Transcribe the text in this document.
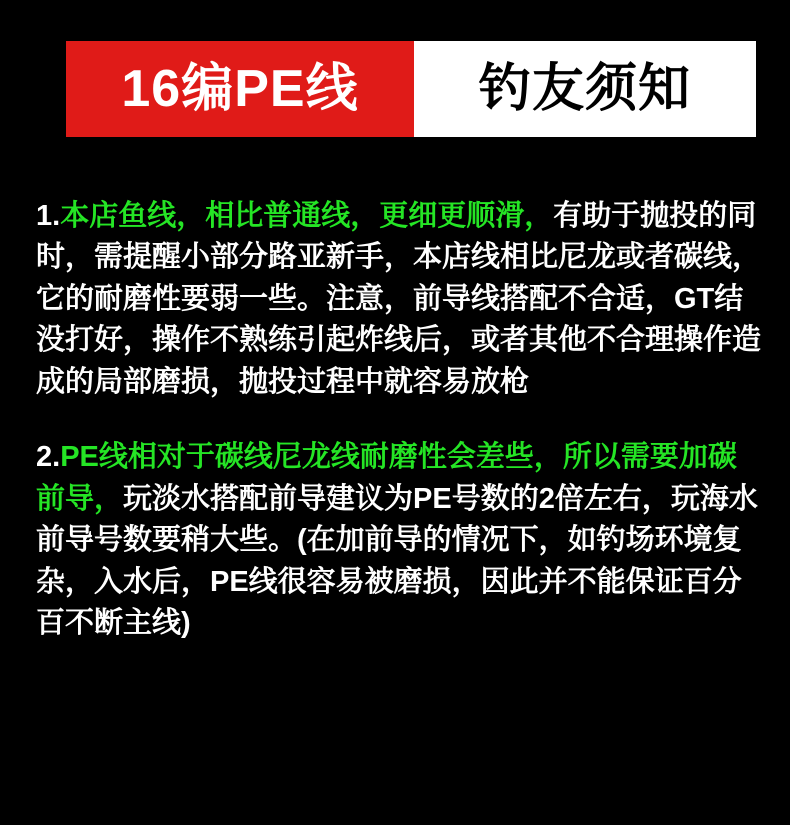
16编PE线 钓友须知

1.本店鱼线，相比普通线，更细更顺滑，有助于抛投的同时，需提醒小部分路亚新手，本店线相比尼龙或者碳线，它的耐磨性要弱一些。注意，前导线搭配不合适，GT结没打好，操作不熟练引起炸线后，或者其他不合理操作造成的局部磨损，抛投过程中就容易放枪

2.PE线相对于碳线尼龙线耐磨性会差些，所以需要加碳前导，玩淡水搭配前导建议为PE号数的2倍左右，玩海水前导号数要稍大些。(在加前导的情况下，如钓场环境复杂，入水后，PE线很容易被磨损，因此并不能保证百分百不断主线)
